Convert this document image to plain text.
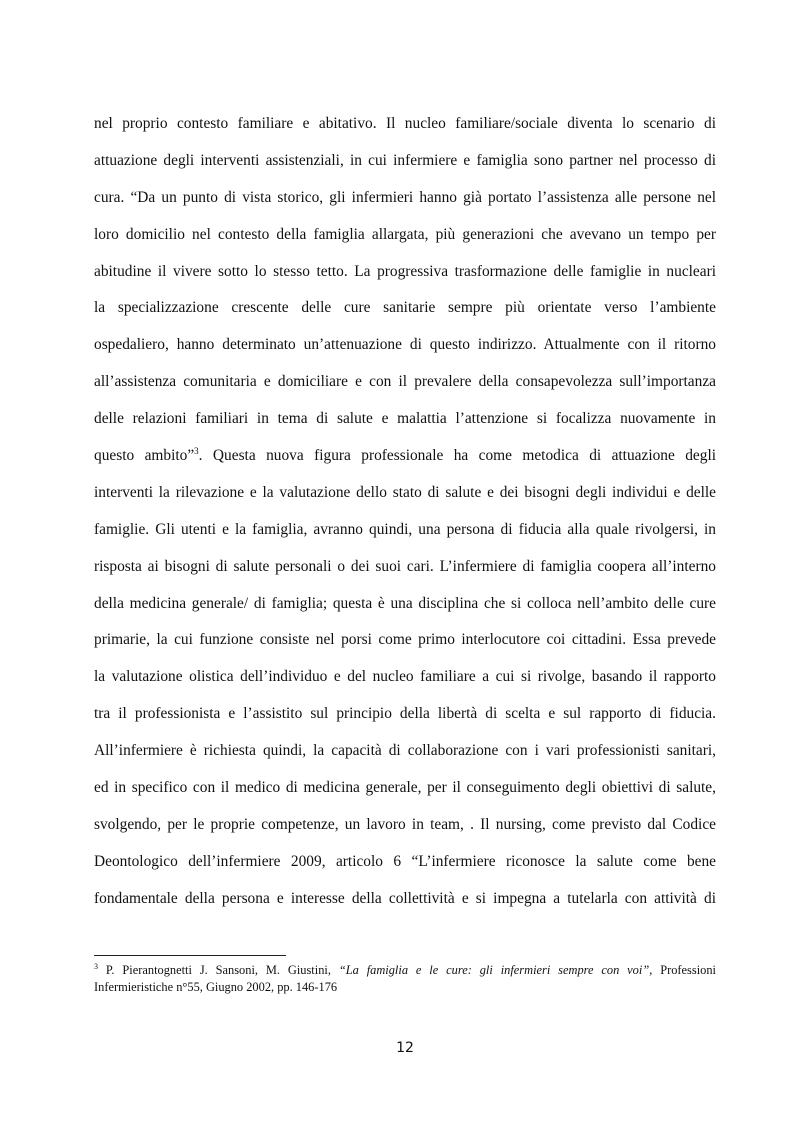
nel proprio contesto familiare e abitativo. Il nucleo familiare/sociale diventa lo scenario di
attuazione degli interventi assistenziali, in cui infermiere e famiglia sono partner nel processo di
cura. “Da un punto di vista storico, gli infermieri hanno già portato l’assistenza alle persone nel
loro domicilio nel contesto della famiglia allargata, più generazioni che avevano un tempo per
abitudine il vivere sotto lo stesso tetto. La progressiva trasformazione delle famiglie in nucleari
la specializzazione crescente delle cure sanitarie sempre più orientate verso l’ambiente
ospedaliero, hanno determinato un’attenuazione di questo indirizzo. Attualmente con il ritorno
all’assistenza comunitaria e domiciliare e con il prevalere della consapevolezza sull’importanza
delle relazioni familiari in tema di salute e malattia l’attenzione si focalizza nuovamente in
questo ambito”$^3$. Questa nuova figura professionale ha come metodica di attuazione degli
interventi la rilevazione e la valutazione dello stato di salute e dei bisogni degli individui e delle
famiglie. Gli utenti e la famiglia, avranno quindi, una persona di fiducia alla quale rivolgersi, in
risposta ai bisogni di salute personali o dei suoi cari. L’infermiere di famiglia coopera all’interno
della medicina generale/ di famiglia; questa è una disciplina che si colloca nell’ambito delle cure
primarie, la cui funzione consiste nel porsi come primo interlocutore coi cittadini. Essa prevede
la valutazione olistica dell’individuo e del nucleo familiare a cui si rivolge, basando il rapporto
tra il professionista e l’assistito sul principio della libertà di scelta e sul rapporto di fiducia.
All’infermiere è richiesta quindi, la capacità di collaborazione con i vari professionisti sanitari,
ed in specifico con il medico di medicina generale, per il conseguimento degli obiettivi di salute,
svolgendo, per le proprie competenze, un lavoro in team, . Il nursing, come previsto dal Codice
Deontologico dell’infermiere 2009, articolo 6 “L’infermiere riconosce la salute come bene
fondamentale della persona e interesse della collettività e si impegna a tutelarla con attività di
$^3$ P. Pierantognetti J. Sansoni, M. Giustini, “La famiglia e le cure: gli infermieri sempre con voi”, Professioni
Infermieristiche n°55, Giugno 2002, pp. 146-176
12
